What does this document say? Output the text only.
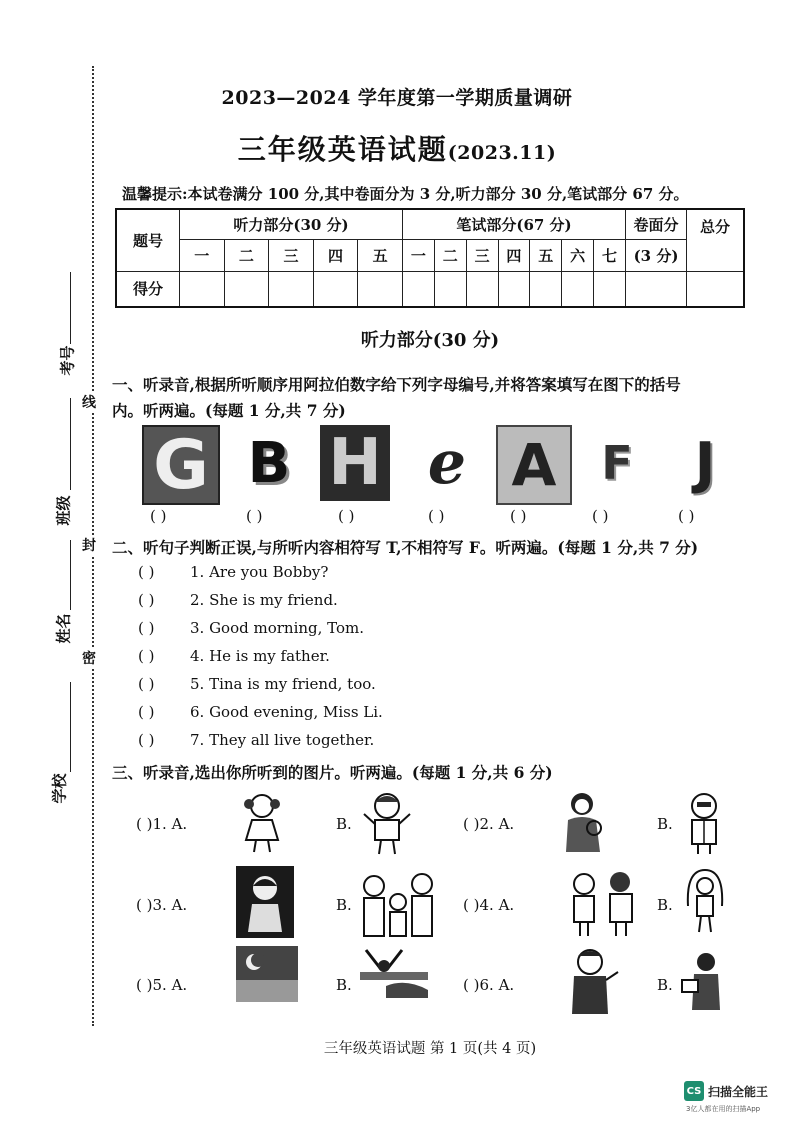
学校
姓名
班级
考号
密
封
线
2023—2024 学年度第一学期质量调研
三年级英语试题(2023.11)
温馨提示:本试卷满分 100 分,其中卷面分为 3 分,听力部分 30 分,笔试部分 67 分。
题号	听力部分(30 分)					笔试部分(67 分)							卷面分	总分
	一	二	三	四	五	一	二	三	四	五	六	七	(3 分)	
得分														
听力部分(30 分)
一、听录音,根据所听顺序用阿拉伯数字给下列字母编号,并将答案填写在图下的括号
内。听两遍。(每题 1 分,共 7 分)
G B H e A F J
( )	( )	( )	( )	( )	( )	( )
二、听句子判断正误,与所听内容相符写 T,不相符写 F。听两遍。(每题 1 分,共 7 分)
( ) 1. Are you Bobby?
( ) 2. She is my friend.
( ) 3. Good morning, Tom.
( ) 4. He is my father.
( ) 5. Tina is my friend, too.
( ) 6. Good evening, Miss Li.
( ) 7. They all live together.
三、听录音,选出你所听到的图片。听两遍。(每题 1 分,共 6 分)
( )1. A.	B.	( )2. A.	B.
( )3. A.	B.	( )4. A.	B.
( )5. A.	B.	( )6. A.	B.
三年级英语试题 第 1 页(共 4 页)
CS 扫描全能王
3亿人都在用的扫描App
